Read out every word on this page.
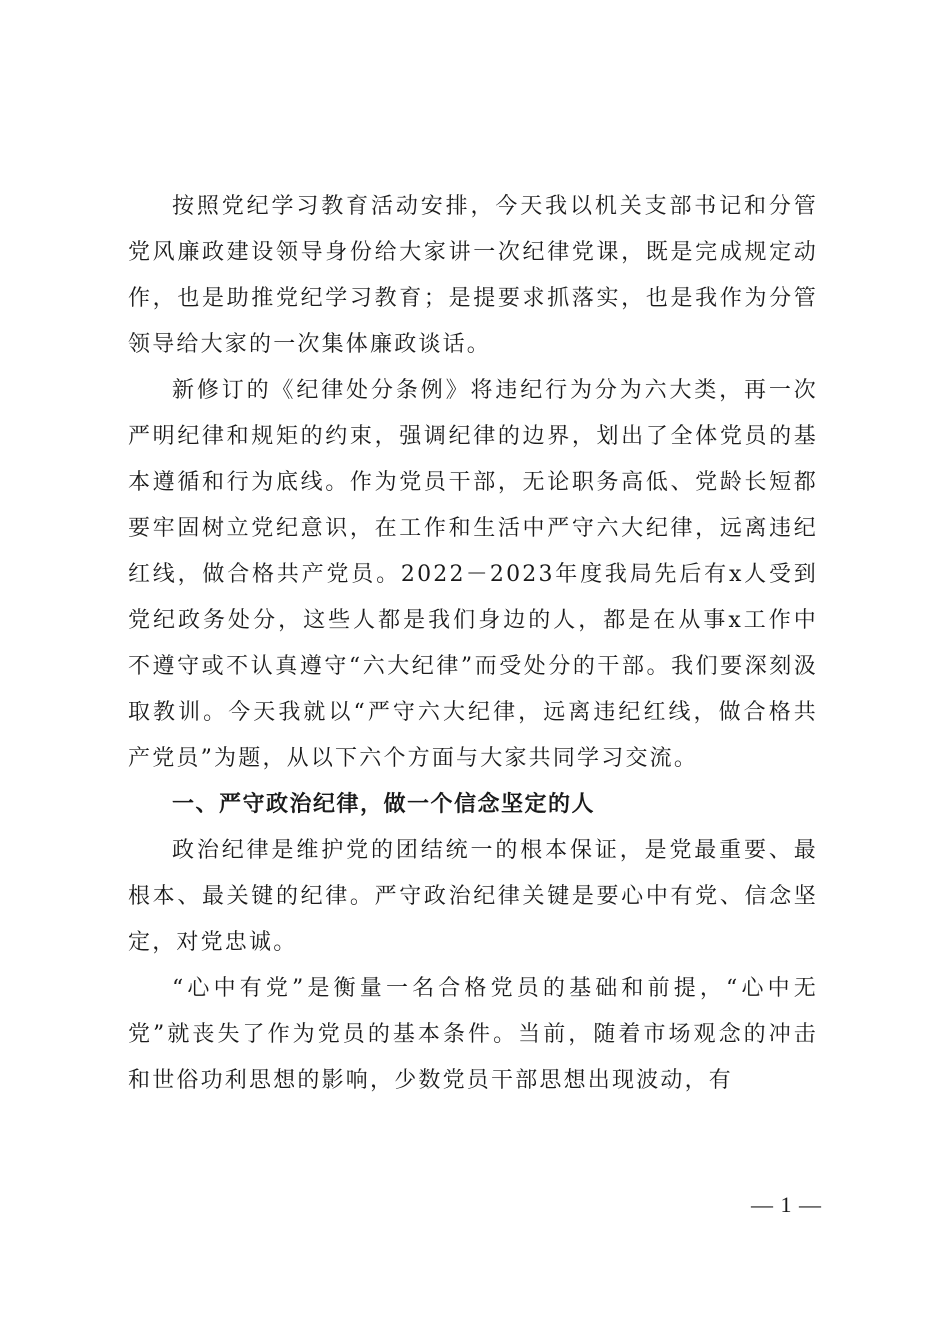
按照党纪学习教育活动安排，今天我以机关支部书记和分管党风廉政建设领导身份给大家讲一次纪律党课，既是完成规定动作，也是助推党纪学习教育；是提要求抓落实，也是我作为分管领导给大家的一次集体廉政谈话。

新修订的《纪律处分条例》将违纪行为分为六大类，再一次严明纪律和规矩的约束，强调纪律的边界，划出了全体党员的基本遵循和行为底线。作为党员干部，无论职务高低、党龄长短都要牢固树立党纪意识，在工作和生活中严守六大纪律，远离违纪红线，做合格共产党员。2022－2023年度我局先后有x人受到党纪政务处分，这些人都是我们身边的人，都是在从事x工作中不遵守或不认真遵守“六大纪律”而受处分的干部。我们要深刻汲取教训。今天我就以“严守六大纪律，远离违纪红线，做合格共产党员”为题，从以下六个方面与大家共同学习交流。

一、严守政治纪律，做一个信念坚定的人

政治纪律是维护党的团结统一的根本保证，是党最重要、最根本、最关键的纪律。严守政治纪律关键是要心中有党、信念坚定，对党忠诚。

“心中有党”是衡量一名合格党员的基础和前提，“心中无党”就丧失了作为党员的基本条件。当前，随着市场观念的冲击和世俗功利思想的影响，少数党员干部思想出现波动，有

— 1 —
